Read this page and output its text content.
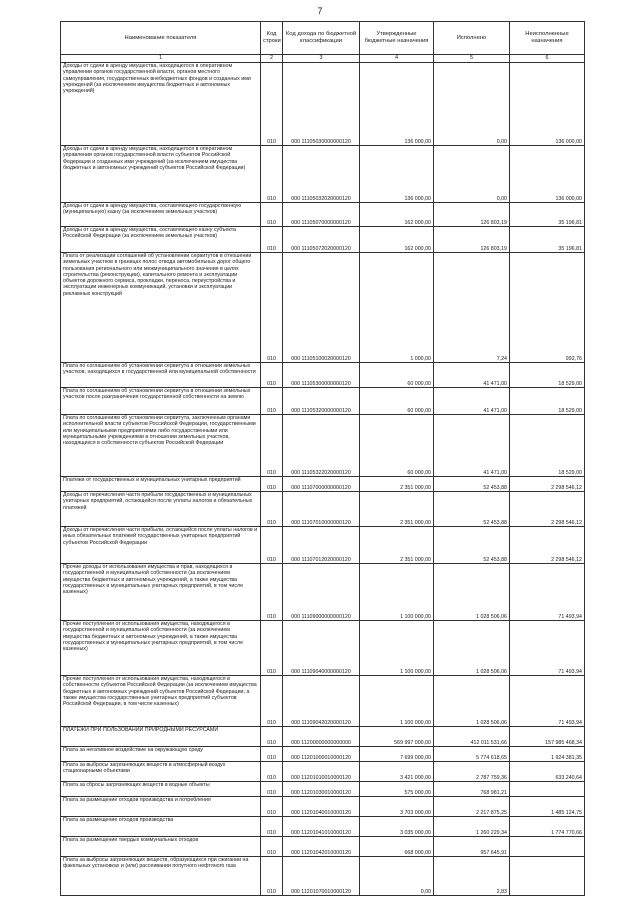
7
Наименование показателя	Код строки	Код дохода по бюджетной классификации	Утвержденные бюджетные назначения	Исполнено	Неисполненные назначения
1	2	3	4	5	6
Доходы от сдачи в аренду имущества, находящегося в оперативном управлении органов государственной власти, органов местного самоуправления, государственных внебюджетных фондов и созданных ими учреждений (за исключением имущества бюджетных и автономных учреждений)	010	000 11105030000000120	136 000,00	0,00	136 000,00
Доходы от сдачи в аренду имущества, находящегося в оперативном управлении органов государственной власти субъектов Российской Федерации и созданных ими учреждений (за исключением имущества бюджетных и автономных учреждений субъектов Российской Федерации)	010	000 11105032020000120	136 000,00	0,00	136 000,00
Доходы от сдачи в аренду имущества, составляющего государственную (муниципальную) казну (за исключением земельных участков)	010	000 11105070000000120	162 000,00	126 803,19	35 196,81
Доходы от сдачи в аренду имущества, составляющего казну субъекта Российской Федерации (за исключением земельных участков)	010	000 11105072020000120	162 000,00	126 803,19	35 196,81
Плата от реализации соглашений об установлении сервитутов в отношении земельных участков в границах полос отвода автомобильных дорог общего пользования регионального или межмуниципального значения в целях строительства (реконструкции), капитального ремонта и эксплуатации объектов дорожного сервиса, прокладки, переноса, переустройства и эксплуатации инженерных коммуникаций, установки и эксплуатации рекламных конструкций	010	000 11105100020000120	1 000,00	7,24	992,76
Плата по соглашениям об установлении сервитута в отношении земельных участков, находящихся в государственной или муниципальной собственности	010	000 11105300000000120	60 000,00	41 471,00	18 529,00
Плата по соглашениям об установлении сервитута в отношении земельных участков после разграничения государственной собственности на землю	010	000 11105320000000120	60 000,00	41 471,00	18 529,00
Плата по соглашениям об установлении сервитута, заключенным органами исполнительной власти субъектов Российской Федерации, государственными или муниципальными предприятиями либо государственными или муниципальными учреждениями в отношении земельных участков, находящихся в собственности субъектов Российской Федерации	010	000 11105322020000120	60 000,00	41 471,00	18 529,00
Платежи от государственных и муниципальных унитарных предприятий	010	000 11107000000000120	2 351 000,00	52 453,88	2 298 546,12
Доходы от перечисления части прибыли государственных и муниципальных унитарных предприятий, остающейся после уплаты налогов и обязательных платежей	010	000 11107010000000120	2 351 000,00	52 453,88	2 298 546,12
Доходы от перечисления части прибыли, остающейся после уплаты налогов и иных обязательных платежей государственных унитарных предприятий субъектов Российской Федерации	010	000 11107012020000120	2 351 000,00	52 453,88	2 298 546,12
Прочие доходы от использования имущества и прав, находящихся в государственной и муниципальной собственности (за исключением имущества бюджетных и автономных учреждений, а также имущества государственных и муниципальных унитарных предприятий, в том числе казенных)	010	000 11109000000000120	1 100 000,00	1 028 506,06	71 493,94
Прочие поступления от использования имущества, находящегося в государственной и муниципальной собственности (за исключением имущества бюджетных и автономных учреждений, а также имущества государственных и муниципальных унитарных предприятий, в том числе казенных)	010	000 11109040000000120	1 100 000,00	1 028 506,06	71 493,94
Прочие поступления от использования имущества, находящегося в собственности субъектов Российской Федерации (за исключением имущества бюджетных и автономных учреждений субъектов Российской Федерации, а также имущества государственных унитарных предприятий субъектов Российской Федерации, в том числе казенных)	010	000 11109042020000120	1 100 000,00	1 028 506,06	71 493,94
ПЛАТЕЖИ ПРИ ПОЛЬЗОВАНИИ ПРИРОДНЫМИ РЕСУРСАМИ	010	000 11200000000000000	569 997 000,00	412 011 531,66	157 985 468,34
Плата за негативное воздействие на окружающую среду	010	000 11201000010000120	7 699 000,00	5 774 618,65	1 924 381,35
Плата за выбросы загрязняющих веществ в атмосферный воздух стационарными объектами	010	000 11201010010000120	3 421 000,00	2 787 759,36	633 240,64
Плата за сбросы загрязняющих веществ в водные объекты	010	000 11201030010000120	575 000,00	768 981,21	
Плата за размещение отходов производства и потребления	010	000 11201040010000120	3 703 000,00	2 217 875,25	1 485 124,75
Плата за размещение отходов производства	010	000 11201041010000120	3 035 000,00	1 260 229,34	1 774 770,66
Плата за размещение твердых коммунальных отходов	010	000 11201042010000120	668 000,00	957 645,91	
Плата за выбросы загрязняющих веществ, образующихся при сжигании на факельных установках и (или) рассеивании попутного нефтяного газа	010	000 11201070010000120	0,00	2,83	
